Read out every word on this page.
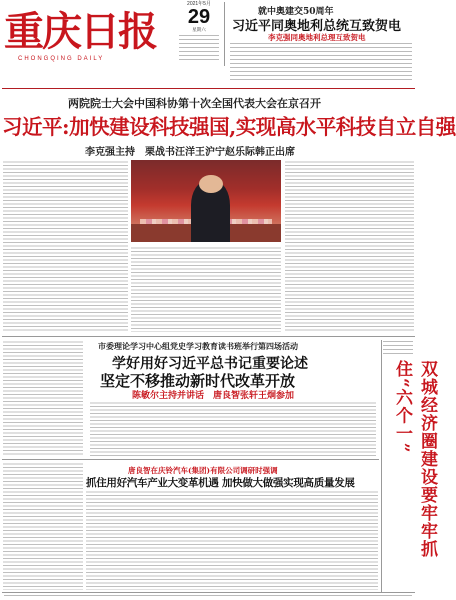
重庆日报
CHONGQING DAILY
2021年5月
29
星期六
就中奥建交50周年
习近平同奥地利总统互致贺电
李克强同奥地利总理互致贺电
两院院士大会中国科协第十次全国代表大会在京召开
习近平:加快建设科技强国,实现高水平科技自立自强
李克强主持　栗战书汪洋王沪宁赵乐际韩正出席
市委理论学习中心组党史学习教育读书班举行第四场活动
学好用好习近平总书记重要论述
坚定不移推动新时代改革开放
陈敏尔主持并讲话　唐良智张轩王炯参加	双城经济圈建设要牢牢抓住“六个一”
唐良智在庆铃汽车(集团)有限公司调研时强调
抓住用好汽车产业大变革机遇 加快做大做强实现高质量发展
